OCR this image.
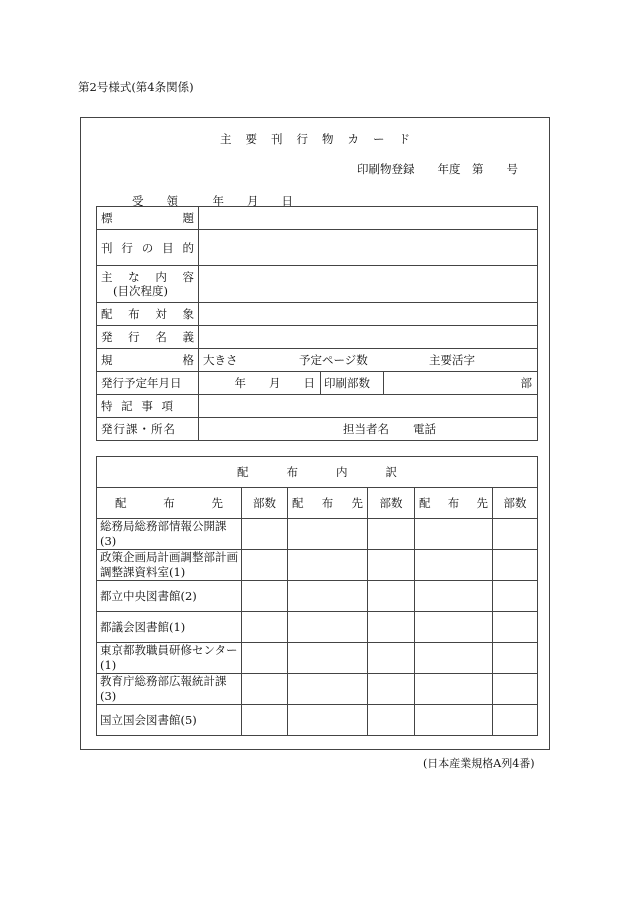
第2号様式(第4条関係)
主 要 刊 行 物 カ ー ド
印刷物登録　　年度　第　　号
受　　領　　　年　　月　　日
標 題			

刊 行 の 目 的			

主 な 内 容
(目次程度)			

配 布 対 象			

発 行 名 義			

規 格	大きさ 予定ページ数 主要活字		

発行予定年月日	年　　月　　日	印刷部数	部

特 記 事 項			

発行課・所名	担当者名 電話		
配 布 内 訳					

配 布 先	部数	配 布 先	部数	配 布 先	部数
総務局総務部情報公開課(3)					
政策企画局計画調整部計画調整課資料室(1)					
都立中央図書館(2)					
都議会図書館(1)					
東京都教職員研修センター(1)					
教育庁総務部広報統計課(3)					
国立国会図書館(5)					
(日本産業規格A列4番)
